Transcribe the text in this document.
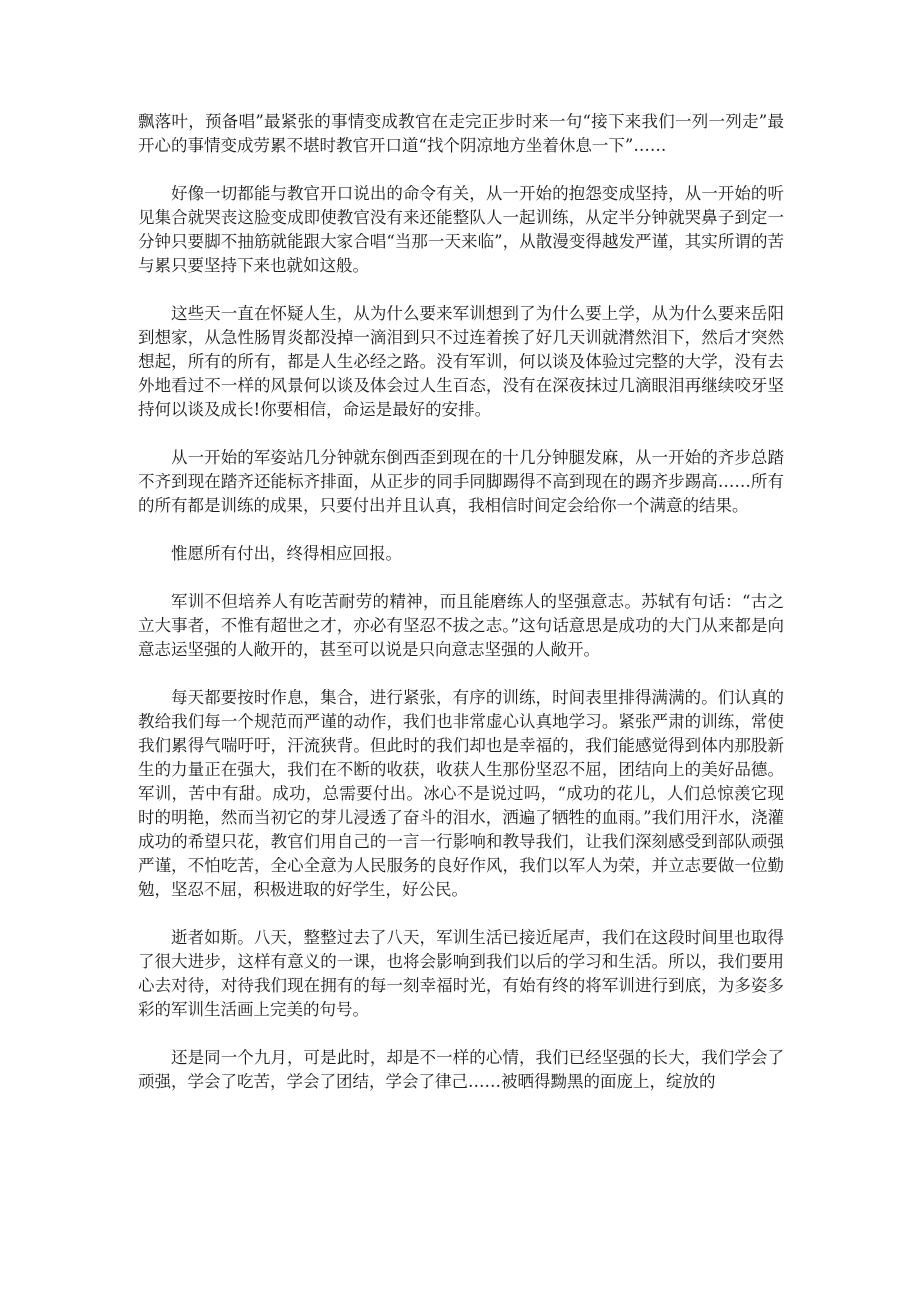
飘落叶，预备唱”最紧张的事情变成教官在走完正步时来一句“接下来我们一列一列走”最开心的事情变成劳累不堪时教官开口道“找个阴凉地方坐着休息一下”……

好像一切都能与教官开口说出的命令有关，从一开始的抱怨变成坚持，从一开始的听见集合就哭丧这脸变成即使教官没有来还能整队人一起训练，从定半分钟就哭鼻子到定一分钟只要脚不抽筋就能跟大家合唱“当那一天来临”，从散漫变得越发严谨，其实所谓的苦与累只要坚持下来也就如这般。

这些天一直在怀疑人生，从为什么要来军训想到了为什么要上学，从为什么要来岳阳到想家，从急性肠胃炎都没掉一滴泪到只不过连着挨了好几天训就潸然泪下，然后才突然想起，所有的所有，都是人生必经之路。没有军训，何以谈及体验过完整的大学，没有去外地看过不一样的风景何以谈及体会过人生百态，没有在深夜抹过几滴眼泪再继续咬牙坚持何以谈及成长!你要相信，命运是最好的安排。

从一开始的军姿站几分钟就东倒西歪到现在的十几分钟腿发麻，从一开始的齐步总踏不齐到现在踏齐还能标齐排面，从正步的同手同脚踢得不高到现在的踢齐步踢高……所有的所有都是训练的成果，只要付出并且认真，我相信时间定会给你一个满意的结果。

惟愿所有付出，终得相应回报。

军训不但培养人有吃苦耐劳的精神，而且能磨练人的坚强意志。苏轼有句话：“古之立大事者，不惟有超世之才，亦必有坚忍不拔之志。”这句话意思是成功的大门从来都是向意志运坚强的人敞开的，甚至可以说是只向意志坚强的人敞开。

每天都要按时作息，集合，进行紧张，有序的训练，时间表里排得满满的。们认真的教给我们每一个规范而严谨的动作，我们也非常虚心认真地学习。紧张严肃的训练，常使我们累得气喘吁吁，汗流狭背。但此时的我们却也是幸福的，我们能感觉得到体内那股新生的力量正在强大，我们在不断的收获，收获人生那份坚忍不屈，团结向上的美好品德。军训，苦中有甜。成功，总需要付出。冰心不是说过吗，“成功的花儿，人们总惊羡它现时的明艳，然而当初它的芽儿浸透了奋斗的泪水，洒遍了牺牲的血雨。”我们用汗水，浇灌成功的希望只花，教官们用自己的一言一行影响和教导我们，让我们深刻感受到部队顽强严谨，不怕吃苦，全心全意为人民服务的良好作风，我们以军人为荣，并立志要做一位勤勉，坚忍不屈，积极进取的好学生，好公民。

逝者如斯。八天，整整过去了八天，军训生活已接近尾声，我们在这段时间里也取得了很大进步，这样有意义的一课，也将会影响到我们以后的学习和生活。所以，我们要用心去对待，对待我们现在拥有的每一刻幸福时光，有始有终的将军训进行到底，为多姿多彩的军训生活画上完美的句号。

还是同一个九月，可是此时，却是不一样的心情，我们已经坚强的长大，我们学会了顽强，学会了吃苦，学会了团结，学会了律己……被晒得黝黑的面庞上，绽放的
